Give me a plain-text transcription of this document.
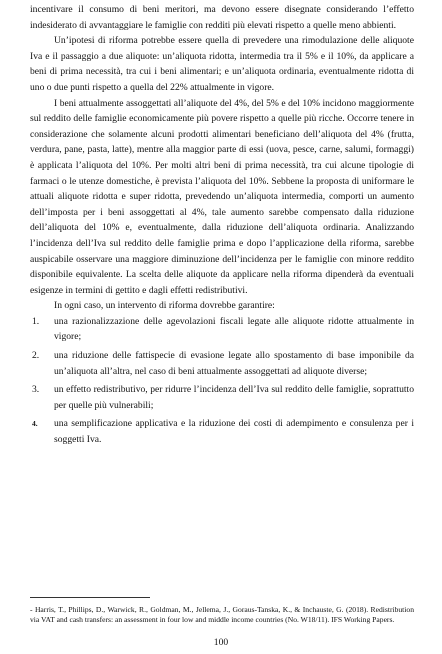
incentivare il consumo di beni meritori, ma devono essere disegnate considerando l’effetto indesiderato di avvantaggiare le famiglie con redditi più elevati rispetto a quelle meno abbienti.

Un’ipotesi di riforma potrebbe essere quella di prevedere una rimodulazione delle aliquote Iva e il passaggio a due aliquote: un’aliquota ridotta, intermedia tra il 5% e il 10%, da applicare a beni di prima necessità, tra cui i beni alimentari; e un’aliquota ordinaria, eventualmente ridotta di uno o due punti rispetto a quella del 22% attualmente in vigore.

I beni attualmente assoggettati all’aliquote del 4%, del 5% e del 10% incidono maggiormente sul reddito delle famiglie economicamente più povere rispetto a quelle più ricche. Occorre tenere in considerazione che solamente alcuni prodotti alimentari beneficiano dell’aliquota del 4% (frutta, verdura, pane, pasta, latte), mentre alla maggior parte di essi (uova, pesce, carne, salumi, formaggi) è applicata l’aliquota del 10%. Per molti altri beni di prima necessità, tra cui alcune tipologie di farmaci o le utenze domestiche, è prevista l’aliquota del 10%. Sebbene la proposta di uniformare le attuali aliquote ridotta e super ridotta, prevedendo un’aliquota intermedia, comporti un aumento dell’imposta per i beni assoggettati al 4%, tale aumento sarebbe compensato dalla riduzione dell’aliquota del 10% e, eventualmente, dalla riduzione dell’aliquota ordinaria. Analizzando l’incidenza dell’Iva sul reddito delle famiglie prima e dopo l’applicazione della riforma, sarebbe auspicabile osservare una maggiore diminuzione dell’incidenza per le famiglie con minore reddito disponibile equivalente. La scelta delle aliquote da applicare nella riforma dipenderà da eventuali esigenze in termini di gettito e dagli effetti redistributivi.

In ogni caso, un intervento di riforma dovrebbe garantire:

1.	una razionalizzazione delle agevolazioni fiscali legate alle aliquote ridotte attualmente in vigore;
2.	una riduzione delle fattispecie di evasione legate allo spostamento di base imponibile da un’aliquota all’altra, nel caso di beni attualmente assoggettati ad aliquote diverse;
3.	un effetto redistributivo, per ridurre l’incidenza dell’Iva sul reddito delle famiglie, soprattutto per quelle più vulnerabili;
4.	una semplificazione applicativa e la riduzione dei costi di adempimento e consulenza per i soggetti Iva.

- Harris, T., Phillips, D., Warwick, R., Goldman, M., Jellema, J., Goraus-Tanska, K., & Inchauste, G. (2018). Redistribution via VAT and cash transfers: an assessment in four low and middle income countries (No. W18/11). IFS Working Papers.

100
